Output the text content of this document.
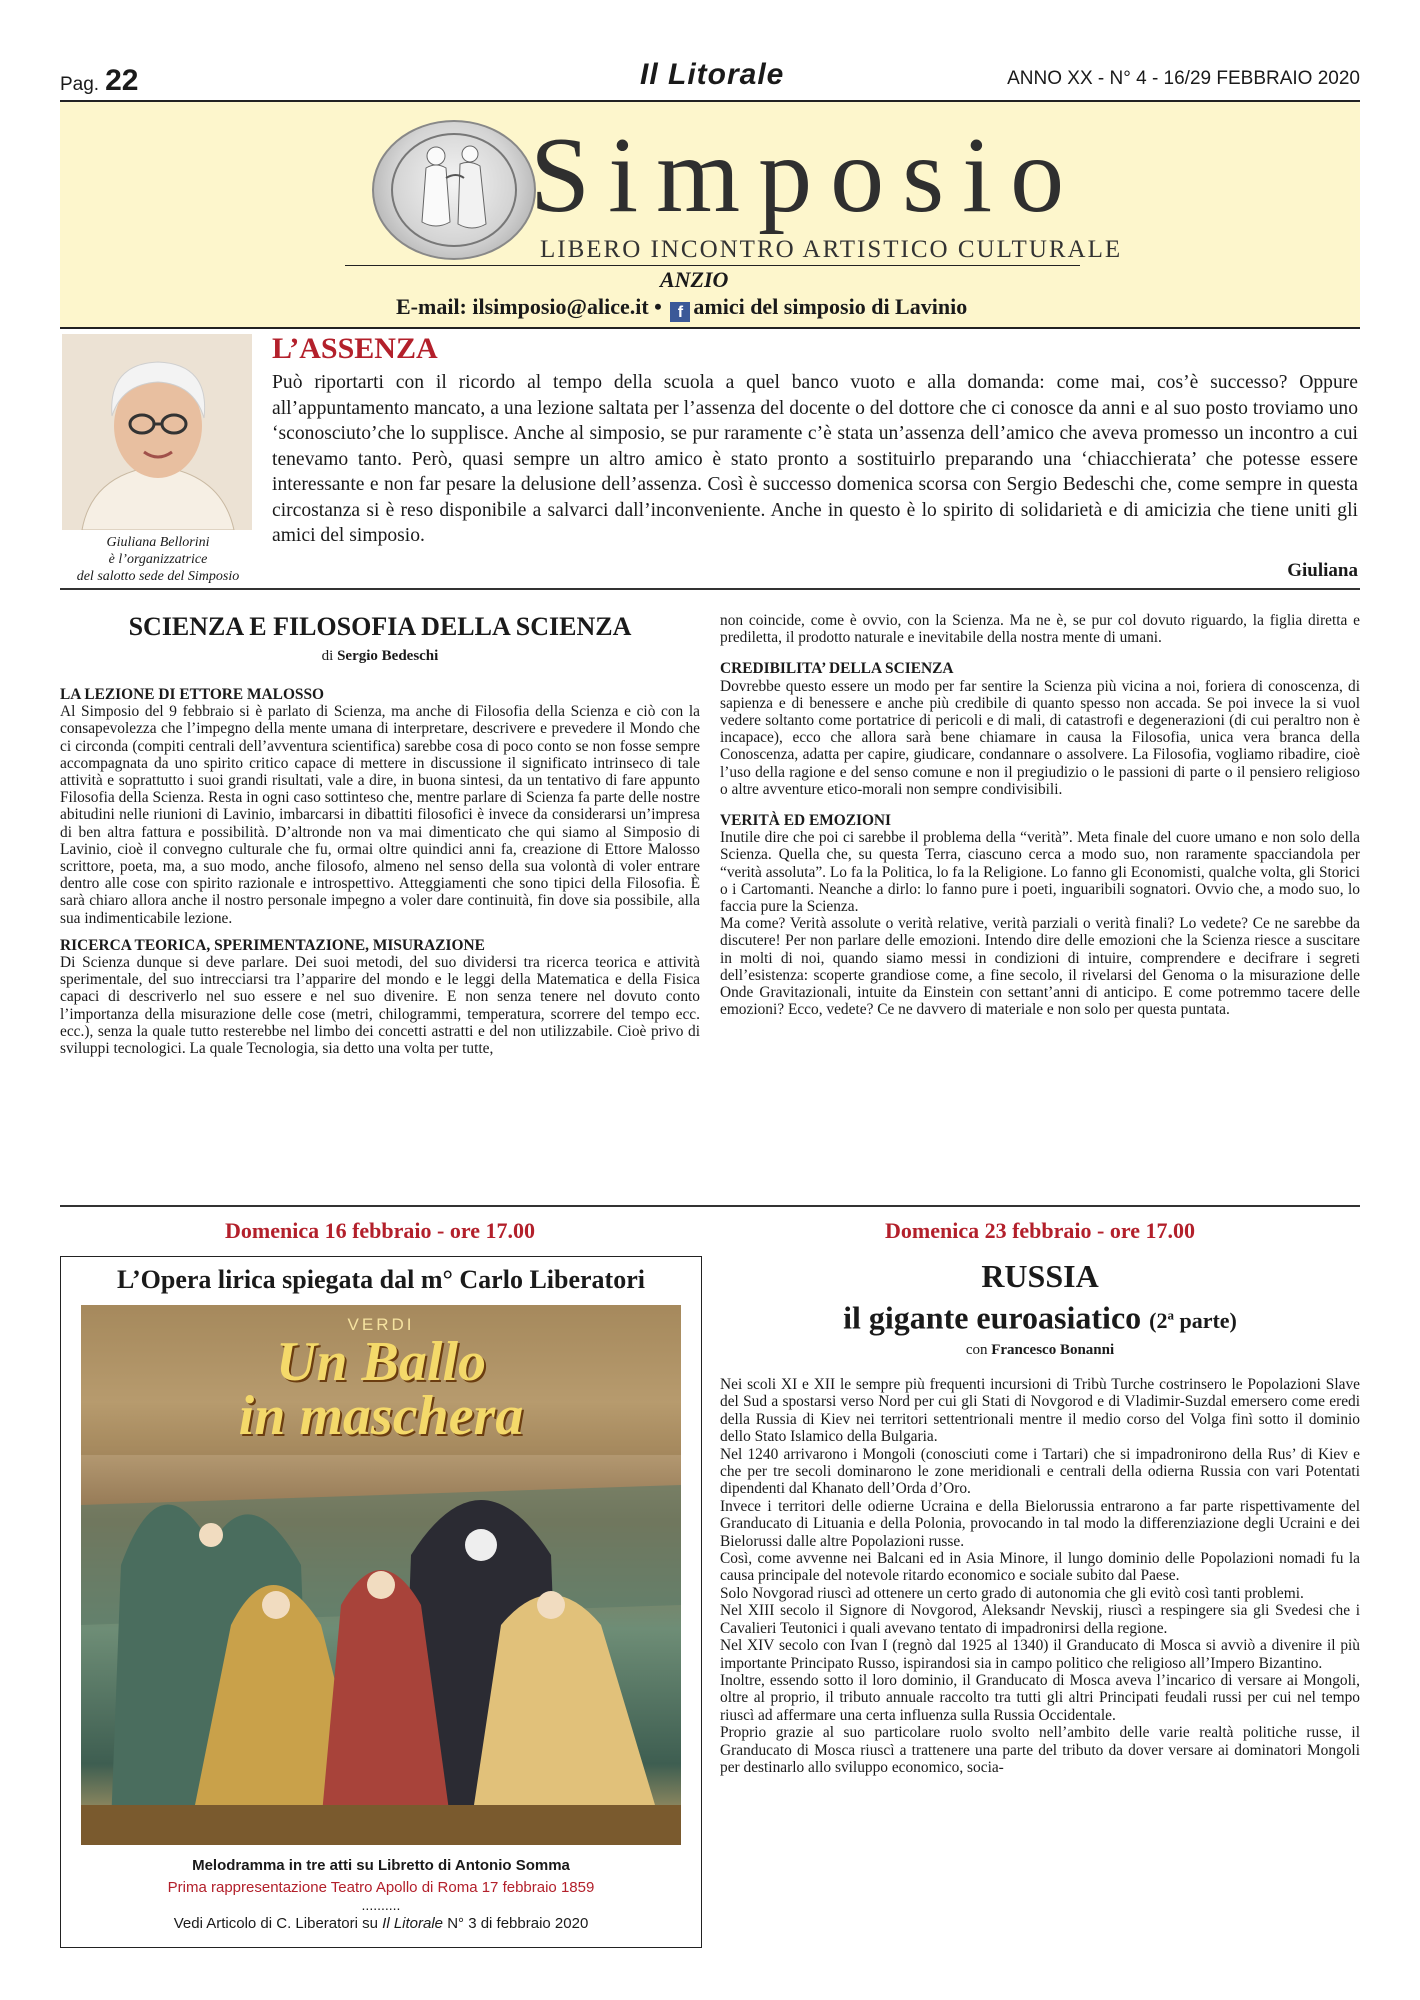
Pag. 22	Il Litorale	ANNO XX - N° 4 - 16/29 FEBBRAIO 2020
Simposio
LIBERO INCONTRO ARTISTICO CULTURALE
ANZIO
E-mail: ilsimposio@alice.it • f amici del simposio di Lavinio
Giuliana Bellorini
è l’organizzatrice
del salotto sede del Simposio
L’ASSENZA
Può riportarti con il ricordo al tempo della scuola a quel banco vuoto e alla domanda: come mai, cos’è successo? Oppure all’appuntamento mancato, a una lezione saltata per l’assenza del docente o del dottore che ci conosce da anni e al suo posto troviamo uno ‘sconosciuto’che lo supplisce. Anche al simposio, se pur raramente c’è stata un’assenza dell’amico che aveva promesso un incontro a cui tenevamo tanto. Però, quasi sempre un altro amico è stato pronto a sostituirlo preparando una ‘chiacchierata’ che potesse essere interessante e non far pesare la delusione dell’assenza. Così è successo domenica scorsa con Sergio Bedeschi che, come sempre in questa circostanza si è reso disponibile a salvarci dall’inconveniente. Anche in questo è lo spirito di solidarietà e di amicizia che tiene uniti gli amici del simposio.
Giuliana
SCIENZA E FILOSOFIA DELLA SCIENZA
di Sergio Bedeschi
LA LEZIONE DI ETTORE MALOSSO

Al Simposio del 9 febbraio si è parlato di Scienza, ma anche di Filosofia della Scienza e ciò con la consapevolezza che l’impegno della mente umana di interpretare, descrivere e prevedere il Mondo che ci circonda (compiti centrali dell’avventura scientifica) sarebbe cosa di poco conto se non fosse sempre accompagnata da uno spirito critico capace di mettere in discussione il significato intrinseco di tale attività e soprattutto i suoi grandi risultati, vale a dire, in buona sintesi, da un tentativo di fare appunto Filosofia della Scienza. Resta in ogni caso sottinteso che, mentre parlare di Scienza fa parte delle nostre abitudini nelle riunioni di Lavinio, imbarcarsi in dibattiti filosofici è invece da considerarsi un’impresa di ben altra fattura e possibilità. D’altronde non va mai dimenticato che qui siamo al Simposio di Lavinio, cioè il convegno culturale che fu, ormai oltre quindici anni fa, creazione di Ettore Malosso scrittore, poeta, ma, a suo modo, anche filosofo, almeno nel senso della sua volontà di voler entrare dentro alle cose con spirito razionale e introspettivo. Atteggiamenti che sono tipici della Filosofia. È sarà chiaro allora anche il nostro personale impegno a voler dare continuità, fin dove sia possibile, alla sua indimenticabile lezione.

RICERCA TEORICA, SPERIMENTAZIONE, MISURAZIONE

Di Scienza dunque si deve parlare. Dei suoi metodi, del suo dividersi tra ricerca teorica e attività sperimentale, del suo intrecciarsi tra l’apparire del mondo e le leggi della Matematica e della Fisica capaci di descriverlo nel suo essere e nel suo divenire. E non senza tenere nel dovuto conto l’importanza della misurazione delle cose (metri, chilogrammi, temperatura, scorrere del tempo ecc. ecc.), senza la quale tutto resterebbe nel limbo dei concetti astratti e del non utilizzabile. Cioè privo di sviluppi tecnologici. La quale Tecnologia, sia detto una volta per tutte,

non coincide, come è ovvio, con la Scienza. Ma ne è, se pur col dovuto riguardo, la figlia diretta e prediletta, il prodotto naturale e inevitabile della nostra mente di umani.

CREDIBILITA’ DELLA SCIENZA

Dovrebbe questo essere un modo per far sentire la Scienza più vicina a noi, foriera di conoscenza, di sapienza e di benessere e anche più credibile di quanto spesso non accada. Se poi invece la si vuol vedere soltanto come portatrice di pericoli e di mali, di catastrofi e degenerazioni (di cui peraltro non è incapace), ecco che allora sarà bene chiamare in causa la Filosofia, unica vera branca della Conoscenza, adatta per capire, giudicare, condannare o assolvere. La Filosofia, vogliamo ribadire, cioè l’uso della ragione e del senso comune e non il pregiudizio o le passioni di parte o il pensiero religioso o altre avventure etico-morali non sempre condivisibili.

VERITÀ ED EMOZIONI

Inutile dire che poi ci sarebbe il problema della “verità”. Meta finale del cuore umano e non solo della Scienza. Quella che, su questa Terra, ciascuno cerca a modo suo, non raramente spacciandola per “verità assoluta”. Lo fa la Politica, lo fa la Religione. Lo fanno gli Economisti, qualche volta, gli Storici o i Cartomanti. Neanche a dirlo: lo fanno pure i poeti, inguaribili sognatori. Ovvio che, a modo suo, lo faccia pure la Scienza.

Ma come? Verità assolute o verità relative, verità parziali o verità finali? Lo vedete? Ce ne sarebbe da discutere! Per non parlare delle emozioni. Intendo dire delle emozioni che la Scienza riesce a suscitare in molti di noi, quando siamo messi in condizioni di intuire, comprendere e decifrare i segreti dell’esistenza: scoperte grandiose come, a fine secolo, il rivelarsi del Genoma o la misurazione delle Onde Gravitazionali, intuite da Einstein con settant’anni di anticipo. E come potremmo tacere delle emozioni? Ecco, vedete? Ce ne davvero di materiale e non solo per questa puntata.

Domenica 16 febbraio - ore 17.00	Domenica 23 febbraio - ore 17.00
L’Opera lirica spiegata dal m° Carlo Liberatori
VERDI
Un Ballo
in maschera
Melodramma in tre atti su Libretto di Antonio Somma
Prima rappresentazione Teatro Apollo di Roma 17 febbraio 1859
..........
Vedi Articolo di C. Liberatori su Il Litorale N° 3 di febbraio 2020
RUSSIA
il gigante euroasiatico (2$^a$ parte)
con Francesco Bonanni

Nei scoli XI e XII le sempre più frequenti incursioni di Tribù Turche costrinsero le Popolazioni Slave del Sud a spostarsi verso Nord per cui gli Stati di Novgorod e di Vladimir-Suzdal emersero come eredi della Russia di Kiev nei territori settentrionali mentre il medio corso del Volga finì sotto il dominio dello Stato Islamico della Bulgaria.

Nel 1240 arrivarono i Mongoli (conosciuti come i Tartari) che si impadronirono della Rus’ di Kiev e che per tre secoli dominarono le zone meridionali e centrali della odierna Russia con vari Potentati dipendenti dal Khanato dell’Orda d’Oro.

Invece i territori delle odierne Ucraina e della Bielorussia entrarono a far parte rispettivamente del Granducato di Lituania e della Polonia, provocando in tal modo la differenziazione degli Ucraini e dei Bielorussi dalle altre Popolazioni russe.

Così, come avvenne nei Balcani ed in Asia Minore, il lungo dominio delle Popolazioni nomadi fu la causa principale del notevole ritardo economico e sociale subito dal Paese.

Solo Novgorad riuscì ad ottenere un certo grado di autonomia che gli evitò così tanti problemi.

Nel XIII secolo il Signore di Novgorod, Aleksandr Nevskij, riuscì a respingere sia gli Svedesi che i Cavalieri Teutonici i quali avevano tentato di impadronirsi della regione.

Nel XIV secolo con Ivan I (regnò dal 1925 al 1340) il Granducato di Mosca si avviò a divenire il più importante Principato Russo, ispirandosi sia in campo politico che religioso all’Impero Bizantino.

Inoltre, essendo sotto il loro dominio, il Granducato di Mosca aveva l’incarico di versare ai Mongoli, oltre al proprio, il tributo annuale raccolto tra tutti gli altri Principati feudali russi per cui nel tempo riuscì ad affermare una certa influenza sulla Russia Occidentale.

Proprio grazie al suo particolare ruolo svolto nell’ambito delle varie realtà politiche russe, il Granducato di Mosca riuscì a trattenere una parte del tributo da dover versare ai dominatori Mongoli per destinarlo allo sviluppo economico, socia-
